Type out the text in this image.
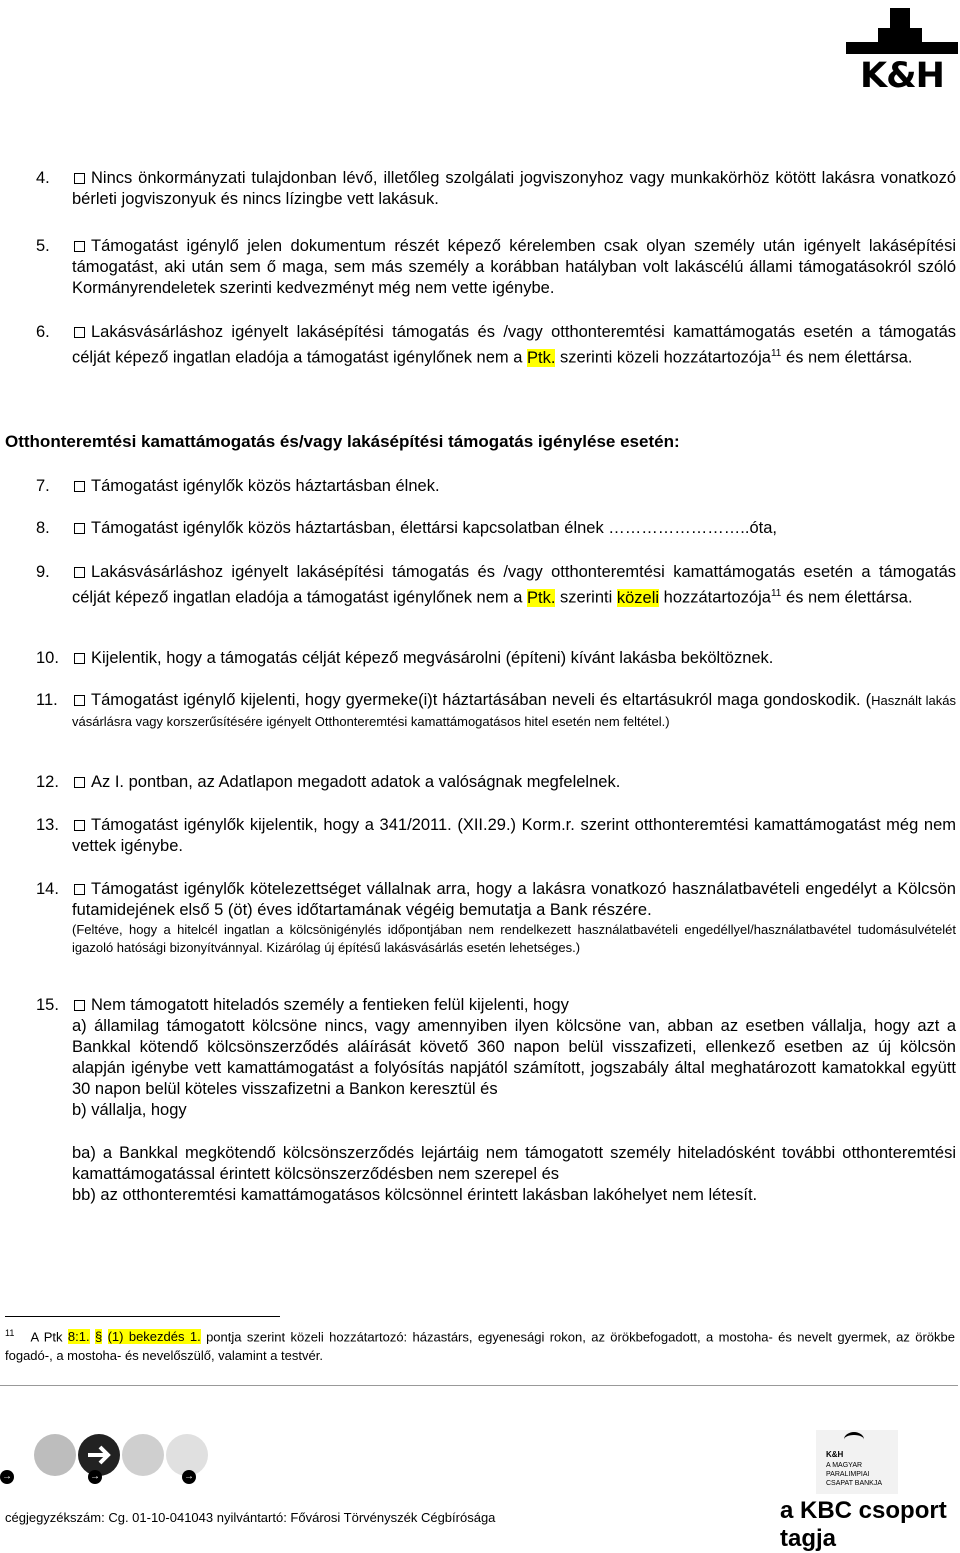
K&H
4.	Nincs önkormányzati tulajdonban lévő, illetőleg szolgálati jogviszonyhoz vagy munkakörhöz kötött lakásra vonatkozó bérleti jogviszonyuk és nincs lízingbe vett lakásuk.
5.	Támogatást igénylő jelen dokumentum részét képező kérelemben csak olyan személy után igényelt lakásépítési támogatást, aki után sem ő maga, sem más személy a korábban hatályban volt lakáscélú állami támogatásokról szóló Kormányrendeletek szerinti kedvezményt még nem vette igénybe.
6.	Lakásvásárláshoz igényelt lakásépítési támogatás és /vagy otthonteremtési kamattámogatás esetén a támogatás célját képező ingatlan eladója a támogatást igénylőnek nem a Ptk. szerinti közeli hozzátartozója$^{11}$ és nem élettársa.
Otthonteremtési kamattámogatás és/vagy lakásépítési támogatás igénylése esetén:
7.	Támogatást igénylők közös háztartásban élnek.
8.	Támogatást igénylők közös háztartásban, élettársi kapcsolatban élnek ……………………..óta,
9.	Lakásvásárláshoz igényelt lakásépítési támogatás és /vagy otthonteremtési kamattámogatás esetén a támogatás célját képező ingatlan eladója a támogatást igénylőnek nem a Ptk. szerinti közeli hozzátartozója$^{11}$ és nem élettársa.
10.	Kijelentik, hogy a támogatás célját képező megvásárolni (építeni) kívánt lakásba beköltöznek.
11.	Támogatást igénylő kijelenti, hogy gyermeke(i)t háztartásában neveli és eltartásukról maga gondoskodik. (Használt lakás vásárlásra vagy korszerűsítésére igényelt Otthonteremtési kamattámogatásos hitel esetén nem feltétel.)
12.	Az I. pontban, az Adatlapon megadott adatok a valóságnak megfelelnek.
13.	Támogatást igénylők kijelentik, hogy a 341/2011. (XII.29.) Korm.r. szerint otthonteremtési kamattámogatást még nem vettek igénybe.
14.	Támogatást igénylők kötelezettséget vállalnak arra, hogy a lakásra vonatkozó használatbavételi engedélyt a Kölcsön futamidejének első 5 (öt) éves időtartamának végéig bemutatja a Bank részére.
(Feltéve, hogy a hitelcél ingatlan a kölcsönigénylés időpontjában nem rendelkezett használatbavételi engedéllyel/használatbavétel tudomásulvételét igazoló hatósági bizonyítvánnyal. Kizárólag új építésű lakásvásárlás esetén lehetséges.)
15.	Nem támogatott hiteladós személy a fentieken felül kijelenti, hogy
a) államilag támogatott kölcsöne nincs, vagy amennyiben ilyen kölcsöne van, abban az esetben vállalja, hogy azt a Bankkal kötendő kölcsönszerződés aláírását követő 360 napon belül visszafizeti, ellenkező esetben az új kölcsön alapján igénybe vett kamattámogatást a folyósítás napjától számított, jogszabály által meghatározott kamatokkal együtt 30 napon belül köteles visszafizetni a Bankon keresztül és
b) vállalja, hogy
ba) a Bankkal megkötendő kölcsönszerződés lejártáig nem támogatott személy hiteladósként további otthonteremtési kamattámogatással érintett kölcsönszerződésben nem szerepel és
bb) az otthonteremtési kamattámogatásos kölcsönnel érintett lakásban lakóhelyet nem létesít.
$^{11}$ A Ptk 8:1. § (1) bekezdés 1. pontja szerint közeli hozzátartozó: házastárs, egyenesági rokon, az örökbefogadott, a mostoha- és nevelt gyermek, az örökbe fogadó-, a mostoha- és nevelőszülő, valamint a testvér.
→	→	→
K&H
A MAGYAR
PARALIMPIAI
CSAPAT BANKJA
cégjegyzékszám: Cg. 01-10-041043 nyilvántartó: Fővárosi Törvényszék Cégbírósága	a KBC csoport tagja
